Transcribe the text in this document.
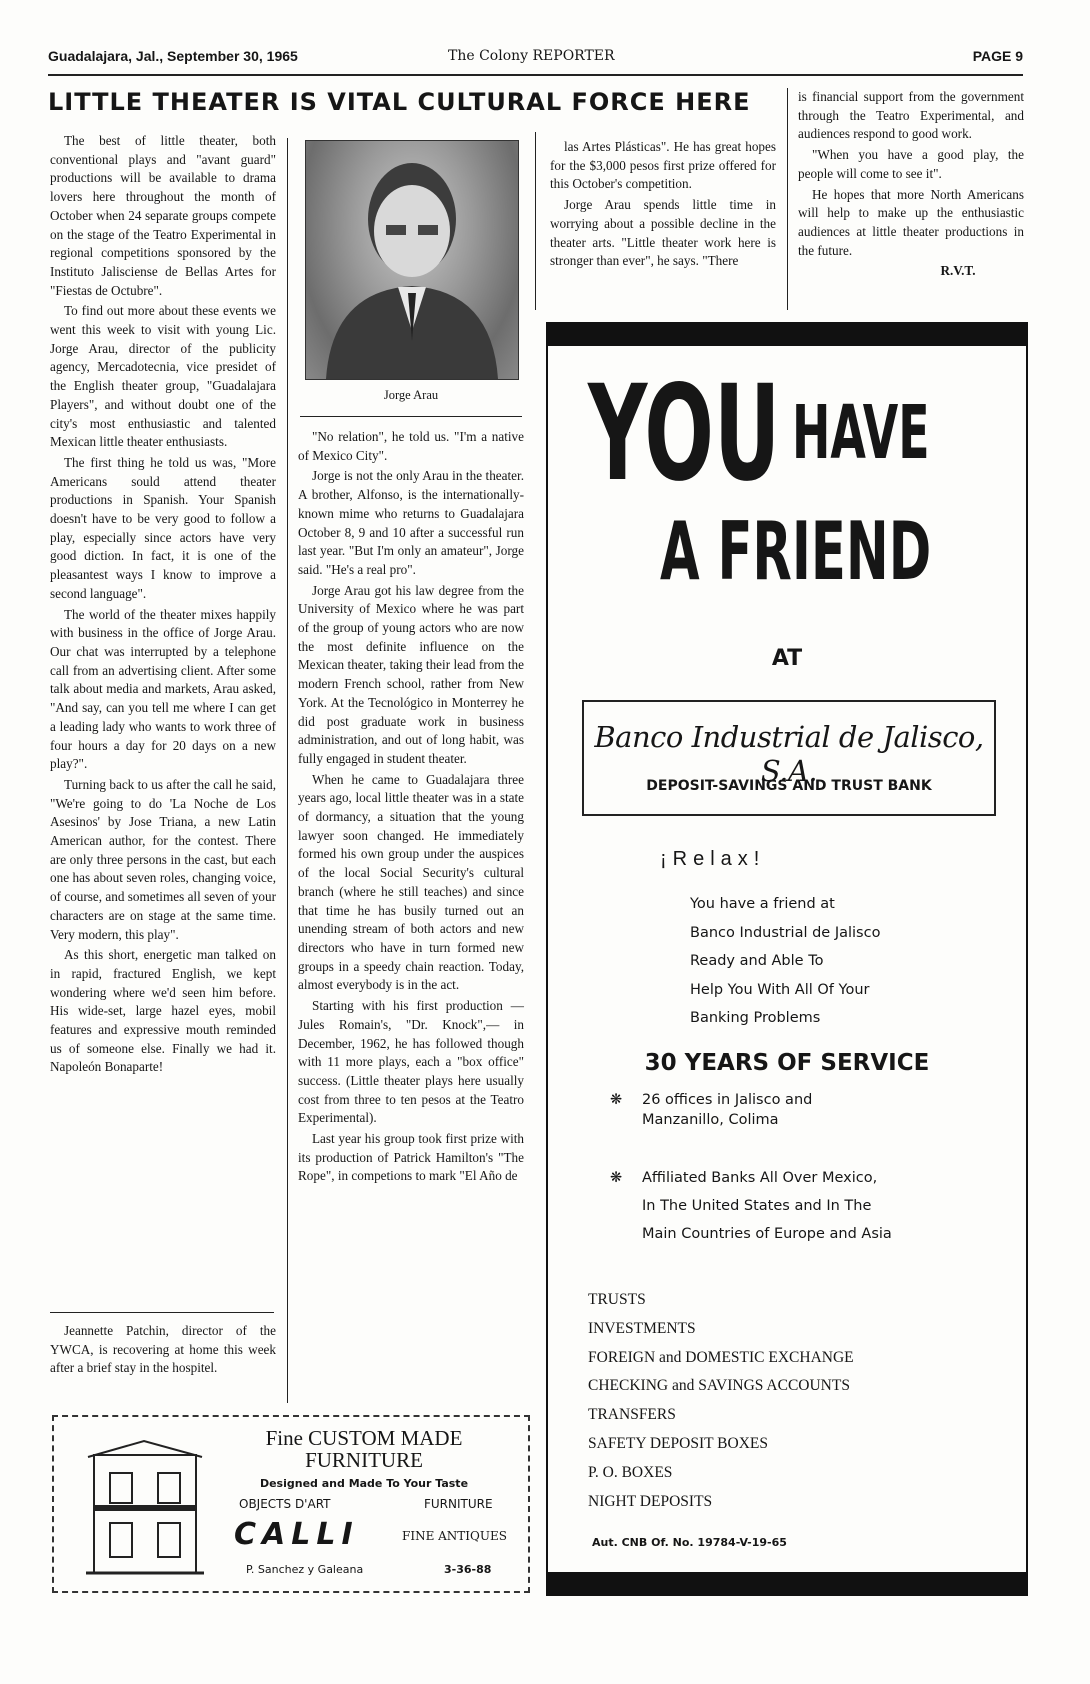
Guadalajara, Jal., September 30, 1965	The Colony REPORTER	PAGE 9
LITTLE THEATER IS VITAL CULTURAL FORCE HERE

The best of little theater, both conventional plays and "avant guard" productions will be available to drama lovers here throughout the month of October when 24 separate groups compete on the stage of the Teatro Experimental in regional competitions sponsored by the Instituto Jalisciense de Bellas Artes for "Fiestas de Octubre".

To find out more about these events we went this week to visit with young Lic. Jorge Arau, director of the publicity agency, Mercadotecnia, vice presidet of the English theater group, "Guadalajara Players", and without doubt one of the city's most enthusiastic and talented Mexican little theater enthusiasts.

The first thing he told us was, "More Americans sould attend theater productions in Spanish. Your Spanish doesn't have to be very good to follow a play, especially since actors have very good diction. In fact, it is one of the pleasantest ways I know to improve a second language".

The world of the theater mixes happily with business in the office of Jorge Arau. Our chat was interrupted by a telephone call from an advertising client. After some talk about media and markets, Arau asked, "And say, can you tell me where I can get a leading lady who wants to work three of four hours a day for 20 days on a new play?".

Turning back to us after the call he said, "We're going to do 'La Noche de Los Asesinos' by Jose Triana, a new Latin American author, for the contest. There are only three persons in the cast, but each one has about seven roles, changing voice, of course, and sometimes all seven of your characters are on stage at the same time. Very modern, this play".

As this short, energetic man talked on in rapid, fractured English, we kept wondering where we'd seen him before. His wide-set, large hazel eyes, mobil features and expressive mouth reminded us of someone else. Finally we had it. Napoleón Bonaparte!

Jeannette Patchin, director of the YWCA, is recovering at home this week after a brief stay in the hospitel.

Jorge Arau

"No relation", he told us. "I'm a native of Mexico City".

Jorge is not the only Arau in the theater. A brother, Alfonso, is the internationally-known mime who returns to Guadalajara October 8, 9 and 10 after a successful run last year. "But I'm only an amateur", Jorge said. "He's a real pro".

Jorge Arau got his law degree from the University of Mexico where he was part of the group of young actors who are now the most definite influence on the Mexican theater, taking their lead from the modern French school, rather from New York. At the Tecnológico in Monterrey he did post graduate work in business administration, and out of long habit, was fully engaged in student theater.

When he came to Guadalajara three years ago, local little theater was in a state of dormancy, a situation that the young lawyer soon changed. He immediately formed his own group under the auspices of the local Social Security's cultural branch (where he still teaches) and since that time he has busily turned out an unending stream of both actors and new directors who have in turn formed new groups in a speedy chain reaction. Today, almost everybody is in the act.

Starting with his first production —Jules Romain's, "Dr. Knock",— in December, 1962, he has followed though with 11 more plays, each a "box office" success. (Little theater plays here usually cost from three to ten pesos at the Teatro Experimental).

Last year his group took first prize with its production of Patrick Hamilton's "The Rope", in competions to mark "El Año de

las Artes Plásticas". He has great hopes for the $3,000 pesos first prize offered for this October's competition.

Jorge Arau spends little time in worrying about a possible decline in the theater arts. "Little theater work here is stronger than ever", he says. "There

is financial support from the government through the Teatro Experimental, and audiences respond to good work.

"When you have a good play, the people will come to see it".

He hopes that more North Americans will help to make up the enthusiastic audiences at little theater productions in the future.

R.V.T.

YOU HAVE
A FRIEND
AT
Banco Industrial de Jalisco, S.A.
DEPOSIT-SAVINGS AND TRUST BANK
¡Relax!
You have a friend at
Banco Industrial de Jalisco
Ready and Able To
Help You With All Of Your
Banking Problems
30 YEARS OF SERVICE
❋ 26 offices in Jalisco and
Manzanillo, Colima
❋ Affiliated Banks All Over Mexico,
In The United States and In The
Main Countries of Europe and Asia
TRUSTS
INVESTMENTS
FOREIGN and DOMESTIC EXCHANGE
CHECKING and SAVINGS ACCOUNTS
TRANSFERS
SAFETY DEPOSIT BOXES
P. O. BOXES
NIGHT DEPOSITS
Aut. CNB Of. No. 19784-V-19-65
Fine CUSTOM MADE
FURNITURE
Designed and Made To Your Taste
OBJECTS D'ART	FURNITURE
CALLI	FINE ANTIQUES
P. Sanchez y Galeana	3-36-88
